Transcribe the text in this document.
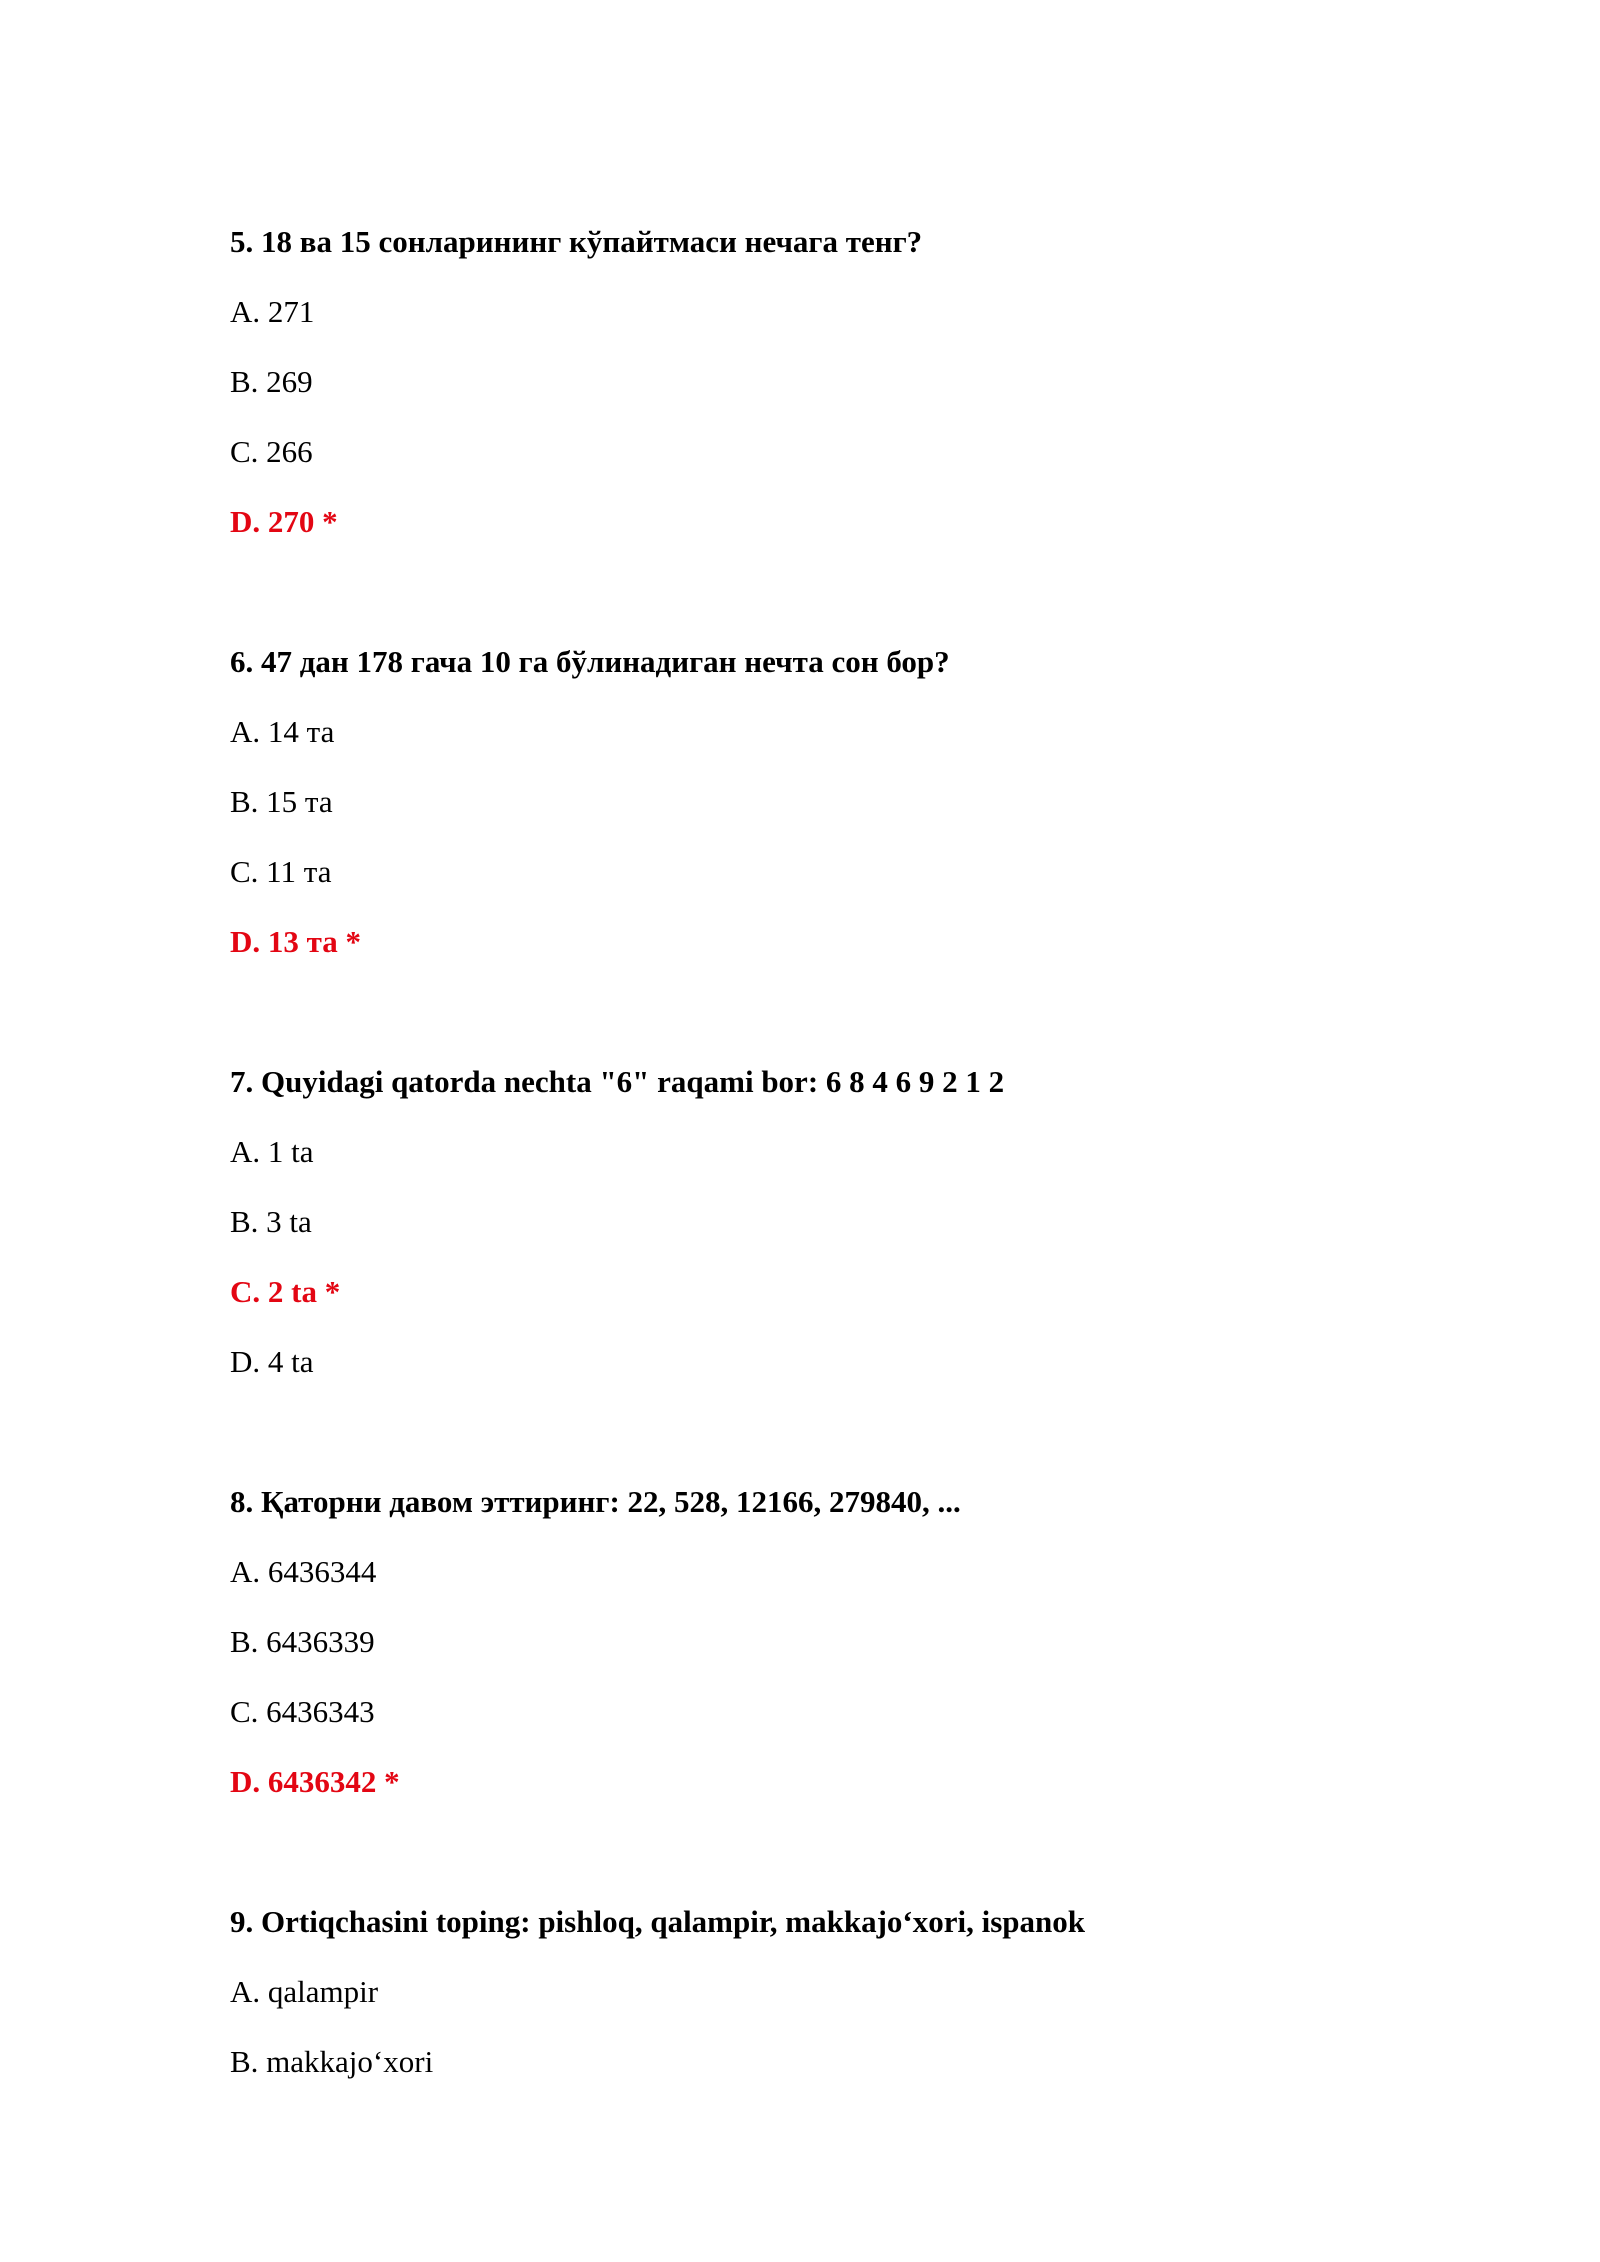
5. 18 ва 15 сонларининг кўпайтмаси нечага тенг?
A. 271
B. 269
C. 266
D. 270 *
6. 47 дан 178 гача 10 га бўлинадиган нечта сон бор?
A. 14 та
B. 15 та
C. 11 та
D. 13 та *
7. Quyidagi qatorda nechta "6" raqami bor: 6 8 4 6 9 2 1 2
A. 1 ta
B. 3 ta
C. 2 ta *
D. 4 ta
8. Қаторни давом эттиринг: 22, 528, 12166, 279840, ...
A. 6436344
B. 6436339
C. 6436343
D. 6436342 *
9. Ortiqchasini toping: pishloq, qalampir, makkajo‘xori, ispanok
A. qalampir
B. makkajo‘xori
